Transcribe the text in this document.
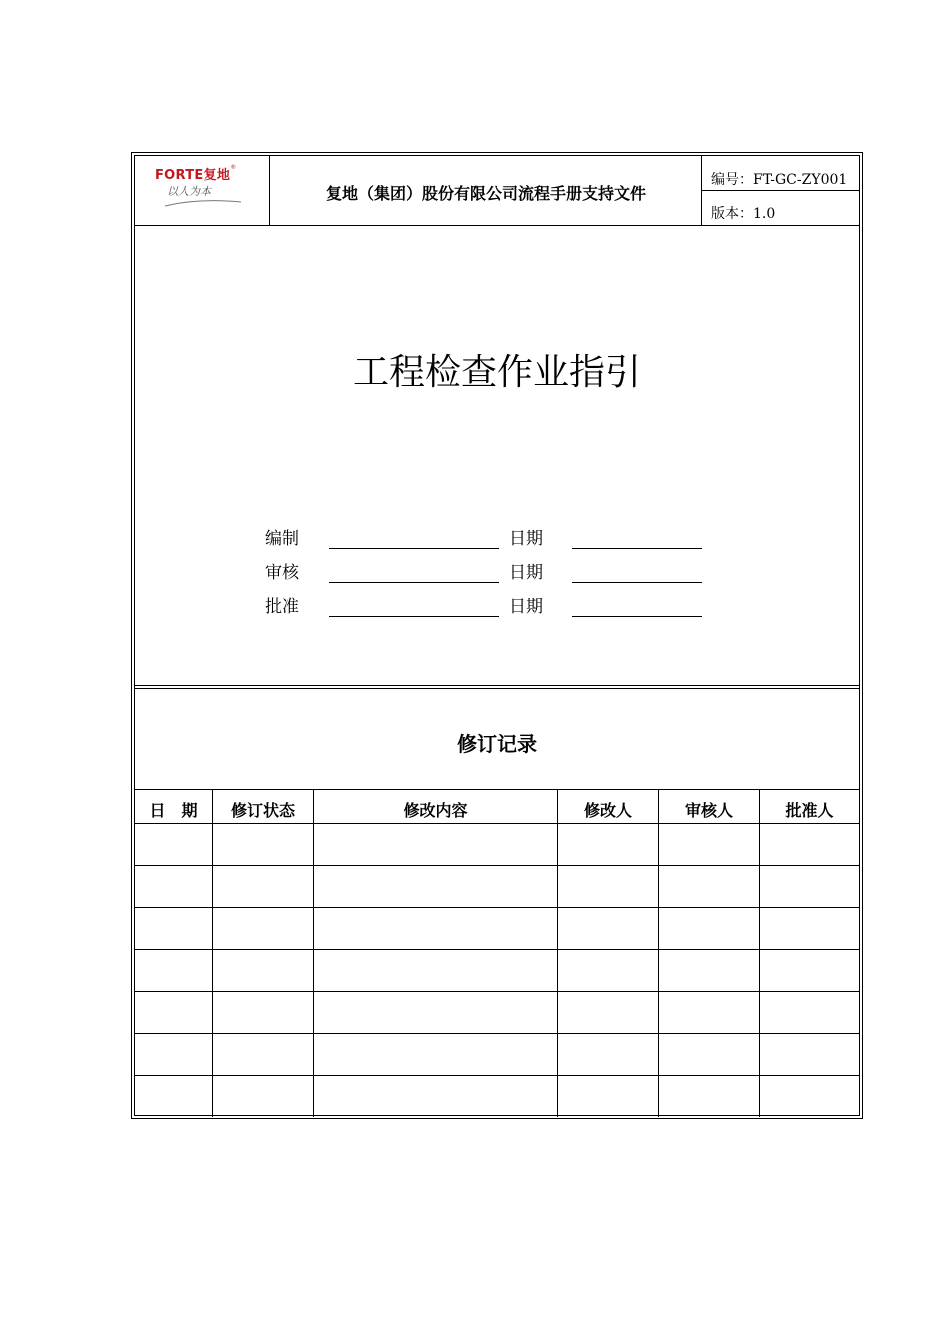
FORTE复地®
以人为本	复地（集团）股份有限公司流程手册支持文件
编号：FT-GC-ZY001
版本：1.0
工程检查作业指引
编制	日期
审核	日期
批准	日期
修订记录
日　期	修订状态	修改内容	修改人	审核人	批准人
